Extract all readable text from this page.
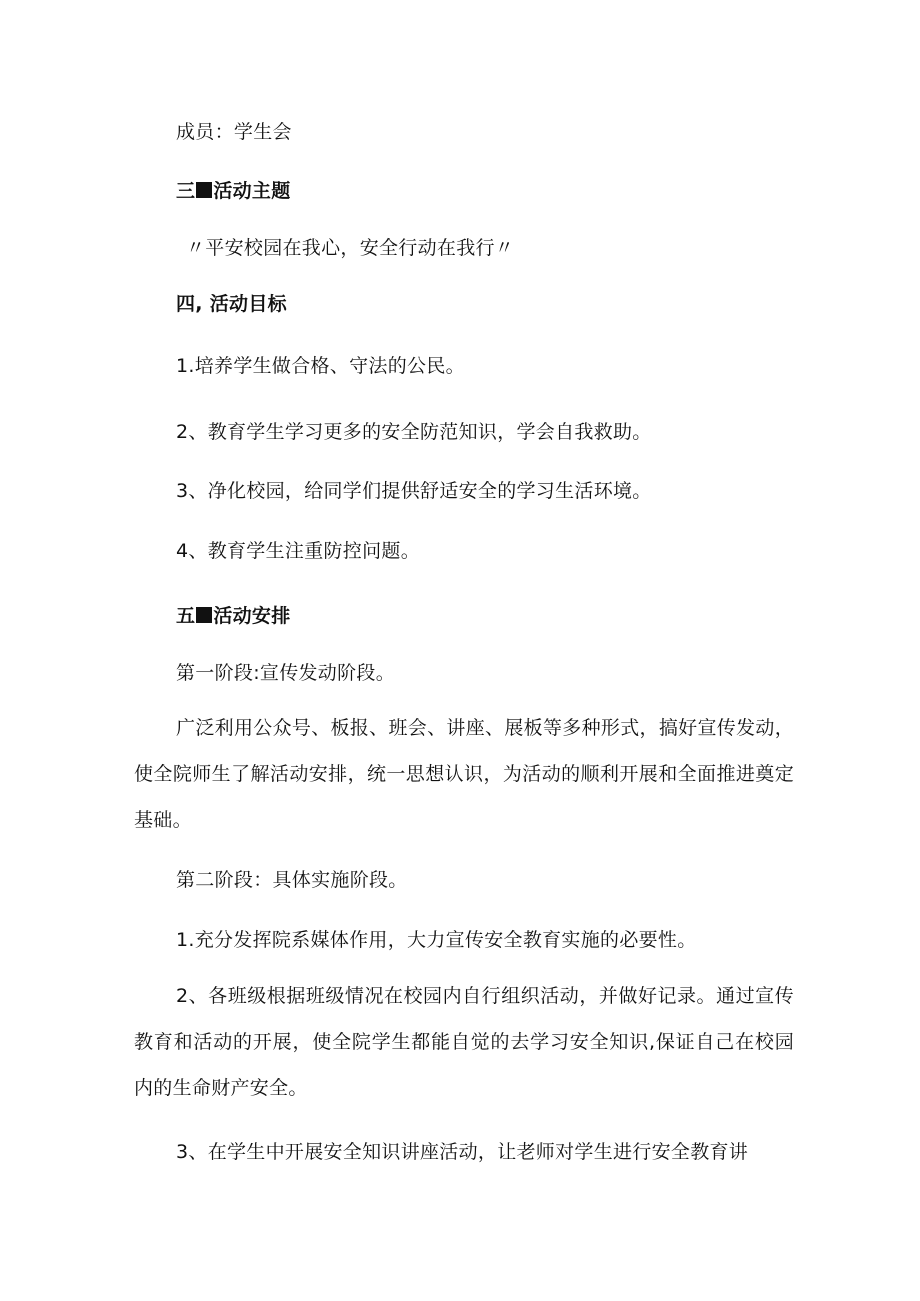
成员：学生会
三 活动主题
〃平安校园在我心，安全行动在我行〃
四, 活动目标
1.培养学生做合格、守法的公民。
2、教育学生学习更多的安全防范知识，学会自我救助。
3、净化校园，给同学们提供舒适安全的学习生活环境。
4、教育学生注重防控问题。
五 活动安排
第一阶段:宣传发动阶段。

广泛利用公众号、板报、班会、讲座、展板等多种形式，搞好宣传发动，使全院师生了解活动安排，统一思想认识，为活动的顺利开展和全面推进奠定基础。

第二阶段：具体实施阶段。
1.充分发挥院系媒体作用，大力宣传安全教育实施的必要性。

2、各班级根据班级情况在校园内自行组织活动，并做好记录。通过宣传教育和活动的开展，使全院学生都能自觉的去学习安全知识,保证自己在校园内的生命财产安全。

3、在学生中开展安全知识讲座活动，让老师对学生进行安全教育讲
